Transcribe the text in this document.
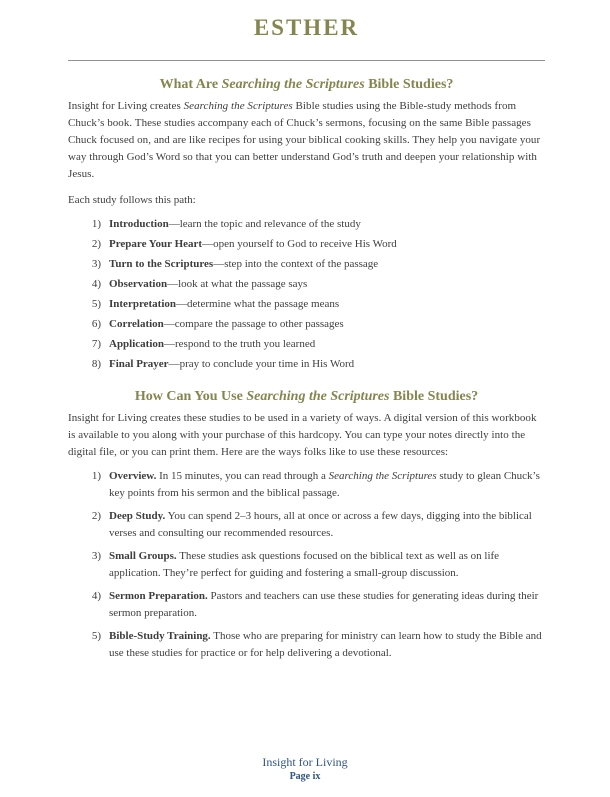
ESTHER
What Are Searching the Scriptures Bible Studies?
Insight for Living creates Searching the Scriptures Bible studies using the Bible-study methods from Chuck’s book. These studies accompany each of Chuck’s sermons, focusing on the same Bible passages Chuck focused on, and are like recipes for using your biblical cooking skills. They help you navigate your way through God’s Word so that you can better understand God’s truth and deepen your relationship with Jesus.
Each study follows this path:
1) Introduction—learn the topic and relevance of the study
2) Prepare Your Heart—open yourself to God to receive His Word
3) Turn to the Scriptures—step into the context of the passage
4) Observation—look at what the passage says
5) Interpretation—determine what the passage means
6) Correlation—compare the passage to other passages
7) Application—respond to the truth you learned
8) Final Prayer—pray to conclude your time in His Word
How Can You Use Searching the Scriptures Bible Studies?
Insight for Living creates these studies to be used in a variety of ways. A digital version of this workbook is available to you along with your purchase of this hardcopy. You can type your notes directly into the digital file, or you can print them. Here are the ways folks like to use these resources:
1) Overview. In 15 minutes, you can read through a Searching the Scriptures study to glean Chuck’s key points from his sermon and the biblical passage.
2) Deep Study. You can spend 2–3 hours, all at once or across a few days, digging into the biblical verses and consulting our recommended resources.
3) Small Groups. These studies ask questions focused on the biblical text as well as on life application. They’re perfect for guiding and fostering a small-group discussion.
4) Sermon Preparation. Pastors and teachers can use these studies for generating ideas during their sermon preparation.
5) Bible-Study Training. Those who are preparing for ministry can learn how to study the Bible and use these studies for practice or for help delivering a devotional.
Insight for Living
Page ix
